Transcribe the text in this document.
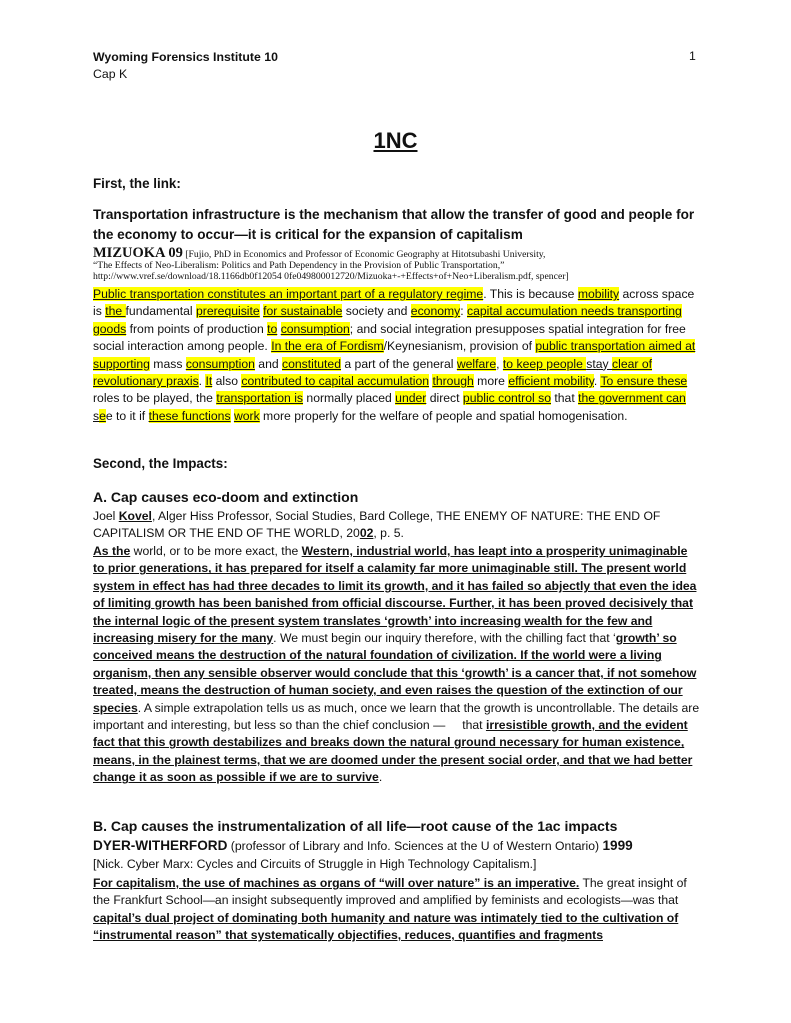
Wyoming Forensics Institute 10
Cap K
1
1NC

First, the link:

Transportation infrastructure is the mechanism that allow the transfer of good and people for the economy to occur—it is critical for the expansion of capitalism

MIZUOKA 09 [Fujio, PhD in Economics and Professor of Economic Geography at Hitotsubashi University,
“The Effects of Neo-Liberalism: Politics and Path Dependency in the Provision of Public Transportation,”
http://www.vref.se/download/18.1166db0f12054 0fe049800012720/Mizuoka+-+Effects+of+Neo+Liberalism.pdf, spencer]
Public transportation constitutes an important part of a regulatory regime. This is because mobility across space is the fundamental prerequisite for sustainable society and economy: capital accumulation needs transporting goods from points of production to consumption; and social integration presupposes spatial integration for free social interaction among people. In the era of Fordism/Keynesianism, provision of public transportation aimed at supporting mass consumption and constituted a part of the general welfare, to keep people stay clear of revolutionary praxis. It also contributed to capital accumulation through more efficient mobility. To ensure these roles to be played, the transportation is normally placed under direct public control so that the government can see to it if these functions work more properly for the welfare of people and spatial homogenisation.

Second, the Impacts:

A. Cap causes eco-doom and extinction

Joel Kovel, Alger Hiss Professor, Social Studies, Bard College, THE ENEMY OF NATURE: THE END OF CAPITALISM OR THE END OF THE WORLD, 2002, p. 5.
As the world, or to be more exact, the Western, industrial world, has leapt into a prosperity unimaginable to prior generations, it has prepared for itself a calamity far more unimaginable still. The present world system in effect has had three decades to limit its growth, and it has failed so abjectly that even the idea of limiting growth has been banished from official discourse. Further, it has been proved decisively that the internal logic of the present system translates ‘growth’ into increasing wealth for the few and increasing misery for the many. We must begin our inquiry therefore, with the chilling fact that ‘growth’ so conceived means the destruction of the natural foundation of civilization. If the world were a living organism, then any sensible observer would conclude that this ‘growth’ is a cancer that, if not somehow treated, means the destruction of human society, and even raises the question of the extinction of our species. A simple extrapolation tells us as much, once we learn that the growth is uncontrollable. The details are important and interesting, but less so than the chief conclusion —     that irresistible growth, and the evident fact that this growth destabilizes and breaks down the natural ground necessary for human existence, means, in the plainest terms, that we are doomed under the present social order, and that we had better change it as soon as possible if we are to survive.

B. Cap causes the instrumentalization of all life—root cause of the 1ac impacts

DYER-WITHERFORD (professor of Library and Info. Sciences at the U of Western Ontario) 1999
[Nick. Cyber Marx: Cycles and Circuits of Struggle in High Technology Capitalism.]
For capitalism, the use of machines as organs of “will over nature” is an imperative. The great insight of the Frankfurt School—an insight subsequently improved and amplified by feminists and ecologists—was that capital’s dual project of dominating both humanity and nature was intimately tied to the cultivation of “instrumental reason” that systematically objectifies, reduces, quantifies and fragments
